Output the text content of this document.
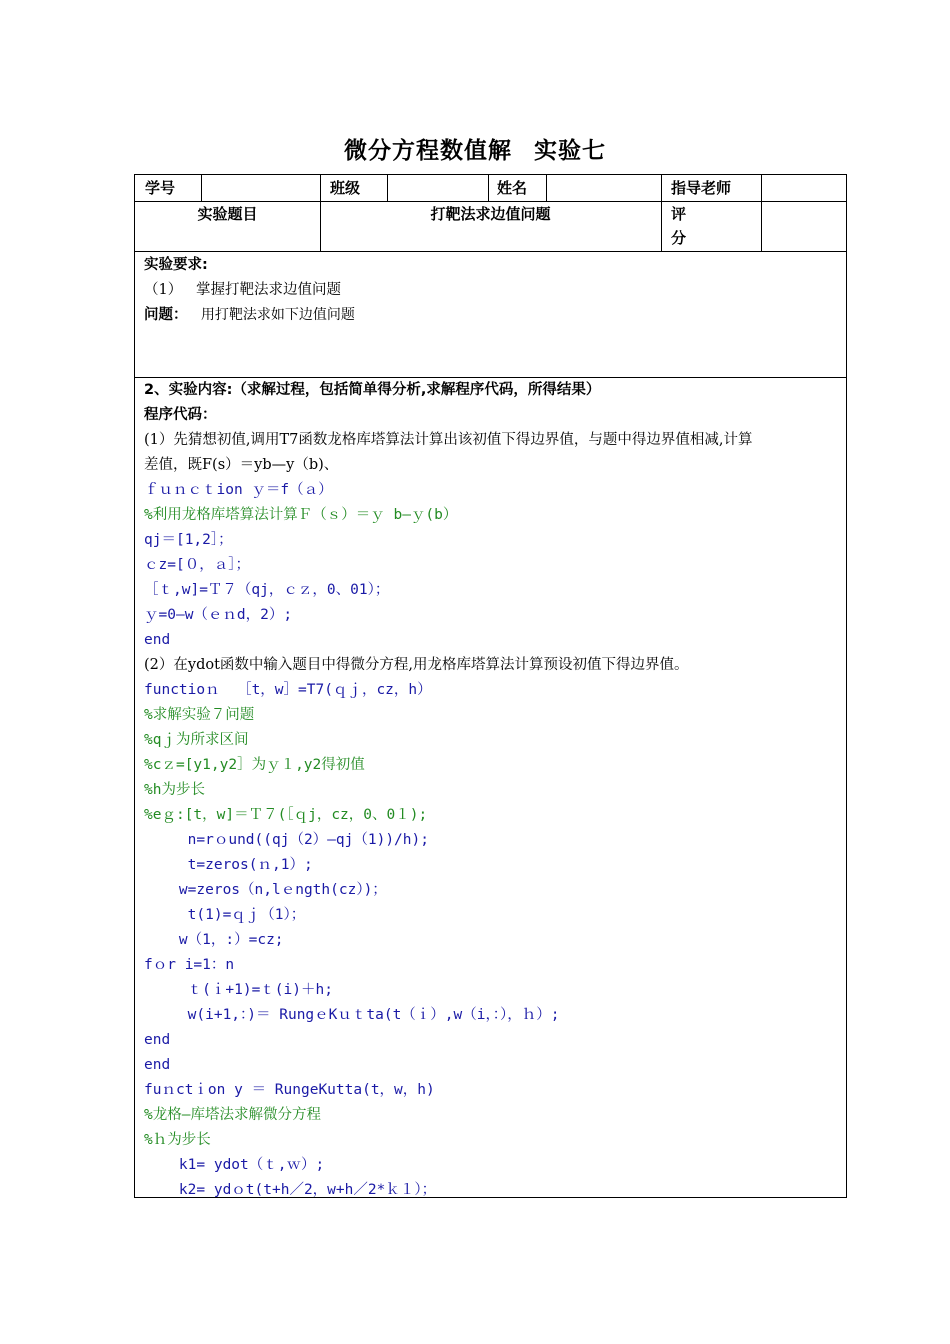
微分方程数值解 实验七
学号	班级	姓名	指导老师
实验题目	打靶法求边值问题	评
分
实验要求:
（1）   掌握打靶法求边值问题
问题：   用打靶法求如下边值问题
2、实验内容:（求解过程，包括简单得分析,求解程序代码，所得结果）
程序代码：
(1）先猜想初值,调用T7函数龙格库塔算法计算出该初值下得边界值，与题中得边界值相减,计算
差值，既F(s）＝yb—y（b)、
ｆｕｎｃｔion ｙ＝f（ａ）
%利用龙格库塔算法计算Ｆ（ｓ）＝ｙ b—ｙ(b）
qj＝[1,2］；
ｃz=[０，ａ］；
［ｔ,w]=Ｔ７（qj，ｃｚ，0、01）；
ｙ=0—w（ｅｎd，2）;
end
(2）在ydot函数中输入题目中得微分方程,用龙格库塔算法计算预设初值下得边界值。
functioｎ  ［t，w］=T7(ｑｊ，cz，h）
%求解实验７问题
%qｊ为所求区间
%cｚ=[y1,y2］为ｙ１,y2得初值
%h为步长
%eｇ:[t，w]＝Ｔ７(［ｑj，cz，0、0１);
n=rｏund((qj（2）—qj（1))/h);
t=zeros(ｎ,1）;
w=zeros（n,lｅngth(cz）)；
t(1)=ｑｊ（1）；
w（1，:）=cz;
fｏr i=1：n
ｔ(ｉ+1)=ｔ(i)＋h;
w(i+1,：)＝ RungｅKｕｔta(t（ｉ）,w（i，：），ｈ）;
end
end
fuｎctｉon y ＝ RungeKutta(t，w，h)
%龙格—库塔法求解微分方程
%ｈ为步长
k1= ydot（ｔ,ｗ）;
k2= ydｏt(t+h／2，w+h／2*ｋ１）；
